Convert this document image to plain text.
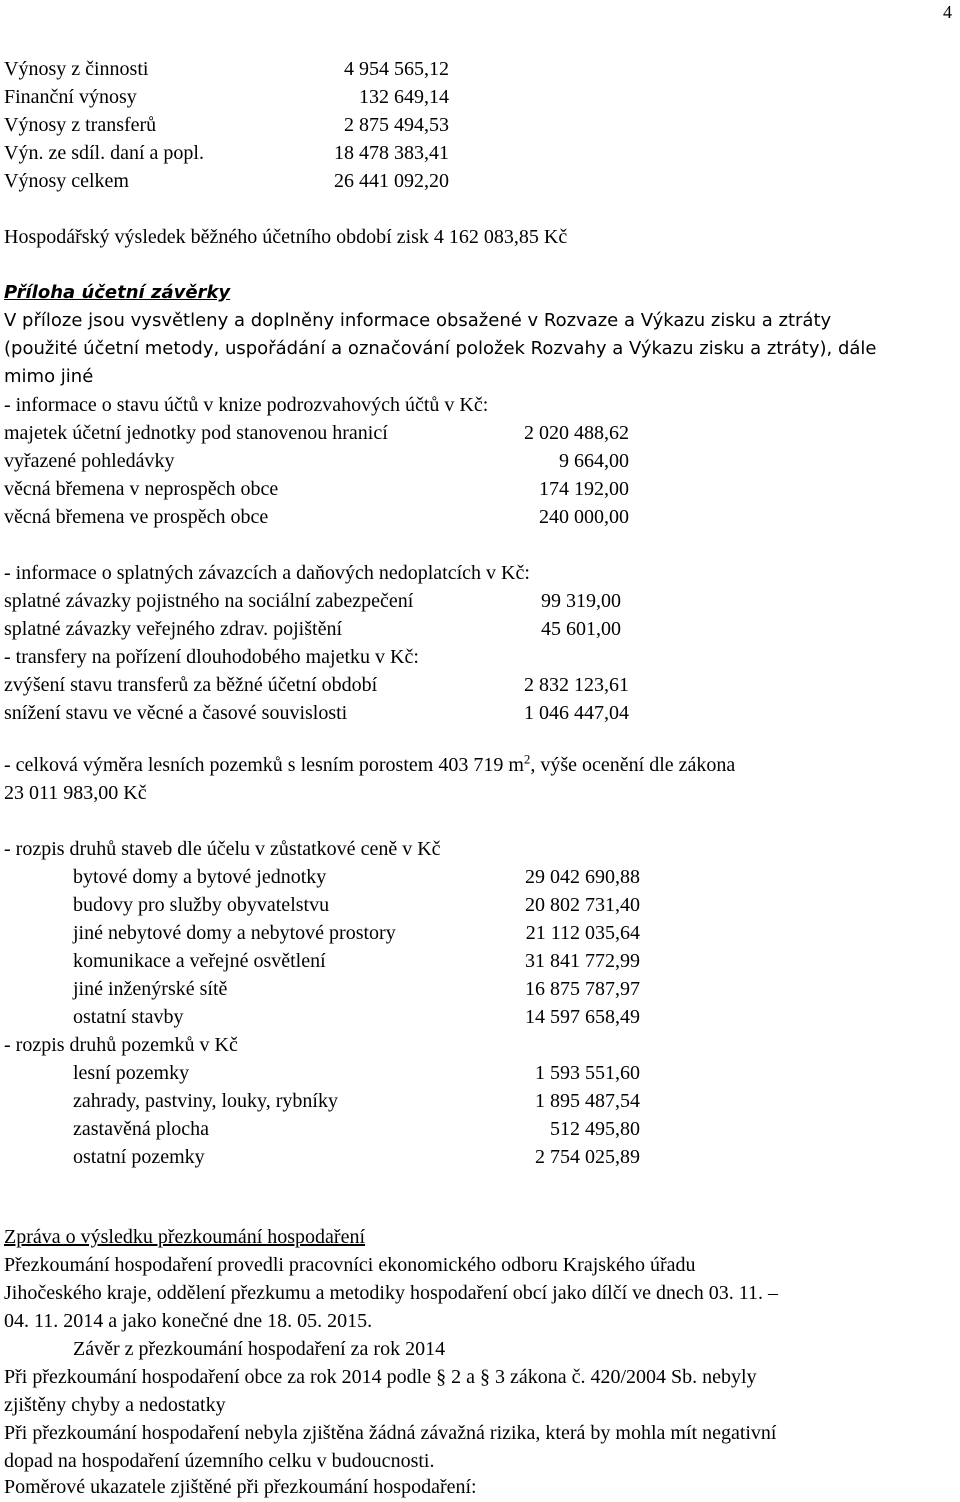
4
Výnosy z činnosti	4 954 565,12
Finanční výnosy	132 649,14
Výnosy z transferů	2 875 494,53
Výn. ze sdíl. daní a popl.	18 478 383,41
Výnosy celkem	26 441 092,20
Hospodářský výsledek běžného účetního období zisk 4 162 083,85 Kč
Příloha účetní závěrky
V příloze jsou vysvětleny a doplněny informace obsažené v Rozvaze a Výkazu zisku a ztráty
(použité účetní metody, uspořádání a označování položek Rozvahy a Výkazu zisku a ztráty), dále
mimo jiné
- informace o stavu účtů v knize podrozvahových účtů v Kč:
majetek účetní jednotky pod stanovenou hranicí	2 020 488,62
vyřazené pohledávky	9 664,00
věcná břemena v neprospěch obce	174 192,00
věcná břemena ve prospěch obce	240 000,00
- informace o splatných závazcích a daňových nedoplatcích v Kč:
splatné závazky pojistného na sociální zabezpečení	99 319,00
splatné závazky veřejného zdrav. pojištění	45 601,00
- transfery na pořízení dlouhodobého majetku v Kč:
zvýšení stavu transferů za běžné účetní období	2 832 123,61
snížení stavu ve věcné a časové souvislosti	1 046 447,04
- celková výměra lesních pozemků s lesním porostem 403 719 $m^2$, výše ocenění dle zákona
23 011 983,00 Kč
- rozpis druhů staveb dle účelu v zůstatkové ceně v Kč
bytové domy a bytové jednotky	29 042 690,88
budovy pro služby obyvatelstvu	20 802 731,40
jiné nebytové domy a nebytové prostory	21 112 035,64
komunikace a veřejné osvětlení	31 841 772,99
jiné inženýrské sítě	16 875 787,97
ostatní stavby	14 597 658,49
- rozpis druhů pozemků v Kč
lesní pozemky	1 593 551,60
zahrady, pastviny, louky, rybníky	1 895 487,54
zastavěná plocha	512 495,80
ostatní pozemky	2 754 025,89
Zpráva o výsledku přezkoumání hospodaření
Přezkoumání hospodaření provedli pracovníci ekonomického odboru Krajského úřadu
Jihočeského kraje, oddělení přezkumu a metodiky hospodaření obcí jako dílčí ve dnech 03. 11. –
04. 11. 2014 a jako konečné dne 18. 05. 2015.
Závěr z přezkoumání hospodaření za rok 2014
Při přezkoumání hospodaření obce za rok 2014 podle § 2 a § 3 zákona č. 420/2004 Sb. nebyly
zjištěny chyby a nedostatky
Při přezkoumání hospodaření nebyla zjištěna žádná závažná rizika, která by mohla mít negativní
dopad na hospodaření územního celku v budoucnosti.
Poměrové ukazatele zjištěné při přezkoumání hospodaření:
